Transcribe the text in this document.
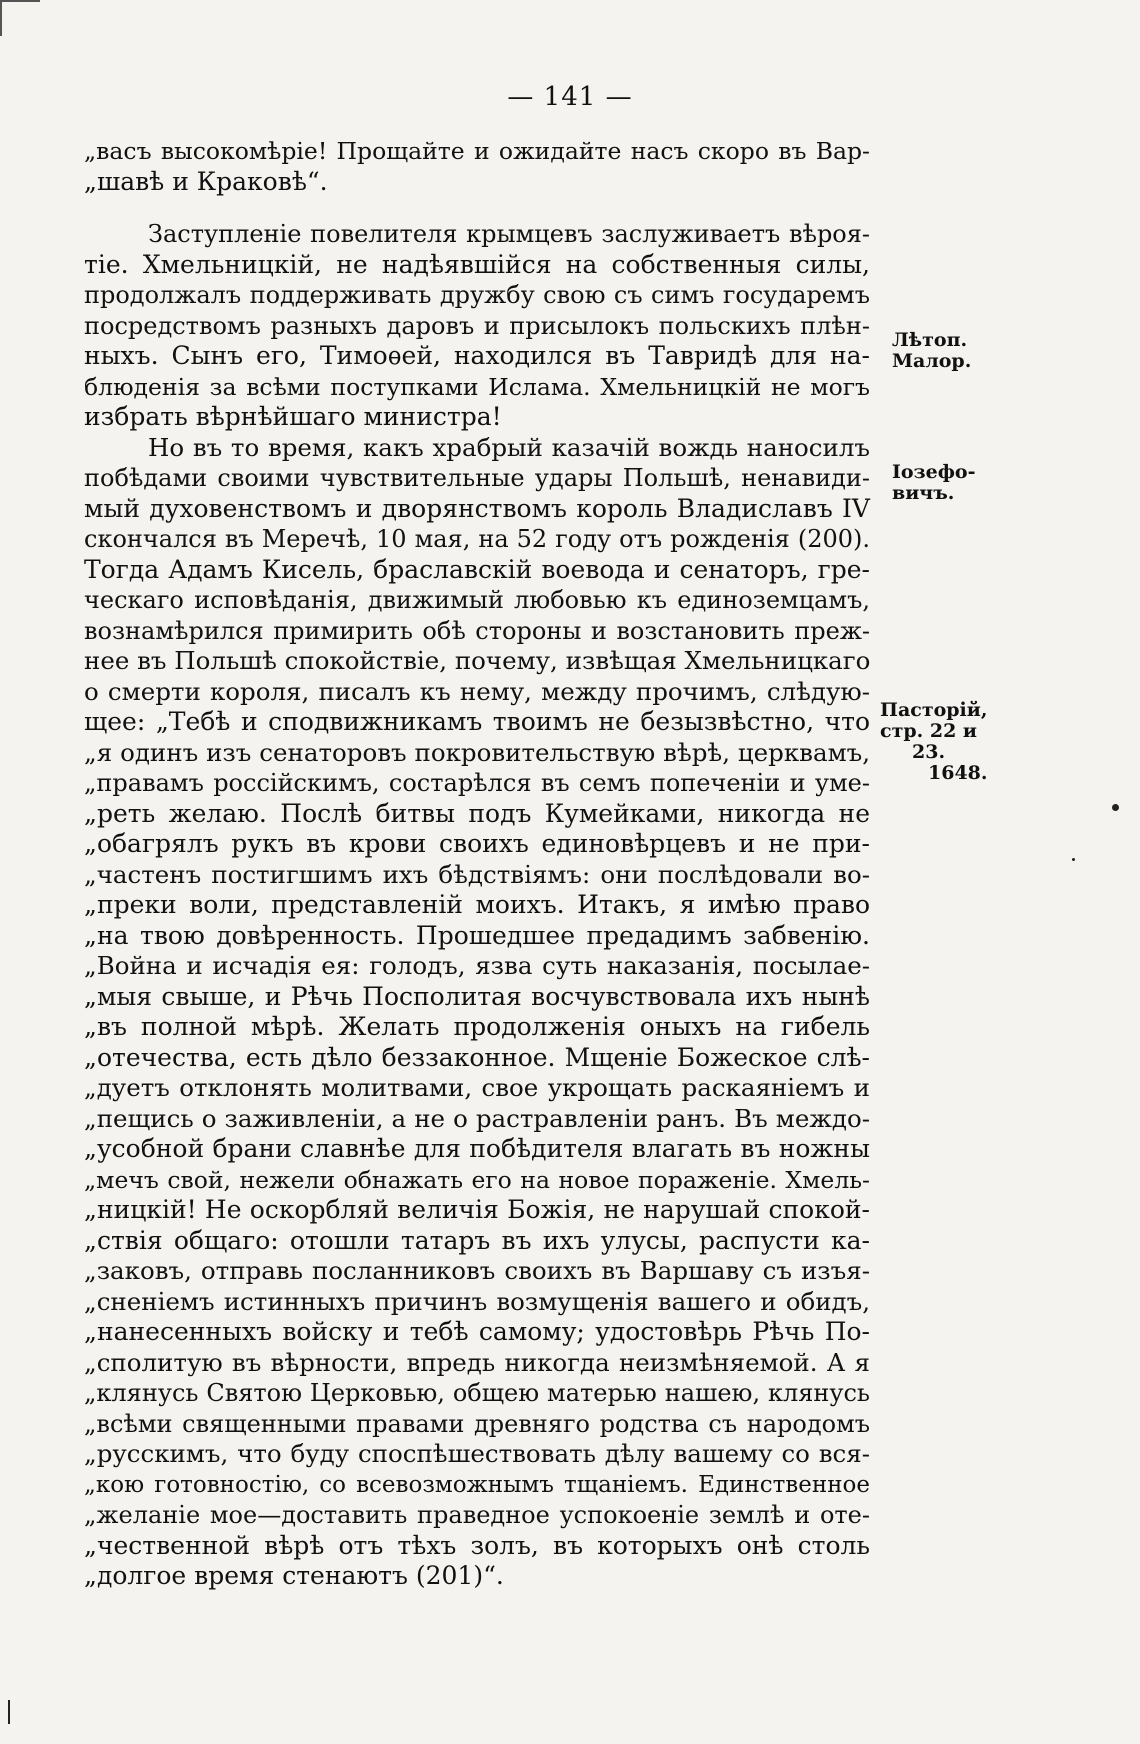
— 141 —
„васъ высокомѣріе! Прощайте и ожидайте насъ скоро въ Вар-
„шавѣ и Краковѣ“.
Заступленіе повелителя крымцевъ заслуживаетъ вѣроя-
тіе. Хмельницкій, не надѣявшійся на собственныя силы,
продолжалъ поддерживать дружбу свою съ симъ государемъ
посредствомъ разныхъ даровъ и присылокъ польскихъ плѣн-
ныхъ. Сынъ его, Тимоѳей, находился въ Тавридѣ для на-
блюденія за всѣми поступками Ислама. Хмельницкій не могъ
избрать вѣрнѣйшаго министра!
Но въ то время, какъ храбрый казачій вождь наносилъ
побѣдами своими чувствительные удары Польшѣ, ненавиди-
мый духовенствомъ и дворянствомъ король Владиславъ IV
скончался въ Меречѣ, 10 мая, на 52 году отъ рожденія (200).
Тогда Адамъ Кисель, браславскій воевода и сенаторъ, гре-
ческаго исповѣданія, движимый любовью къ единоземцамъ,
вознамѣрился примирить обѣ стороны и возстановить преж-
нее въ Польшѣ спокойствіе, почему, извѣщая Хмельницкаго
о смерти короля, писалъ къ нему, между прочимъ, слѣдую-
щее: „Тебѣ и сподвижникамъ твоимъ не безызвѣстно, что
„я одинъ изъ сенаторовъ покровительствую вѣрѣ, церквамъ,
„правамъ россійскимъ, состарѣлся въ семъ попеченіи и уме-
„реть желаю. Послѣ битвы подъ Кумейками, никогда не
„обагрялъ рукъ въ крови своихъ единовѣрцевъ и не при-
„частенъ постигшимъ ихъ бѣдствіямъ: они послѣдовали во-
„преки воли, представленій моихъ. Итакъ, я имѣю право
„на твою довѣренность. Прошедшее предадимъ забвенію.
„Война и исчадія ея: голодъ, язва суть наказанія, посылае-
„мыя свыше, и Рѣчь Посполитая восчувствовала ихъ нынѣ
„въ полной мѣрѣ. Желать продолженія оныхъ на гибель
„отечества, есть дѣло беззаконное. Мщеніе Божеское слѣ-
„дуетъ отклонять молитвами, свое укрощать раскаяніемъ и
„пещись о заживленіи, а не о растравленіи ранъ. Въ междо-
„усобной брани славнѣе для побѣдителя влагать въ ножны
„мечъ свой, нежели обнажать его на новое пораженіе. Хмель-
„ницкій! Не оскорбляй величія Божія, не нарушай спокой-
„ствія общаго: отошли татаръ въ ихъ улусы, распусти ка-
„заковъ, отправь посланниковъ своихъ въ Варшаву съ изъя-
„сненіемъ истинныхъ причинъ возмущенія вашего и обидъ,
„нанесенныхъ войску и тебѣ самому; удостовѣрь Рѣчь По-
„сполитую въ вѣрности, впредь никогда неизмѣняемой. А я
„клянусь Святою Церковью, общею матерью нашею, клянусь
„всѣми священными правами древняго родства съ народомъ
„русскимъ, что буду споспѣшествовать дѣлу вашему со вся-
„кою готовностію, со всевозможнымъ тщаніемъ. Единственное
„желаніе мое—доставить праведное успокоеніе землѣ и оте-
„чественной вѣрѣ отъ тѣхъ золъ, въ которыхъ онѣ столь
„долгое время стенаютъ (201)“.
Лѣтоп.
Малор.
Іозефо-
вичъ.
Пасторій,
стр. 22 и
23.
1648.
